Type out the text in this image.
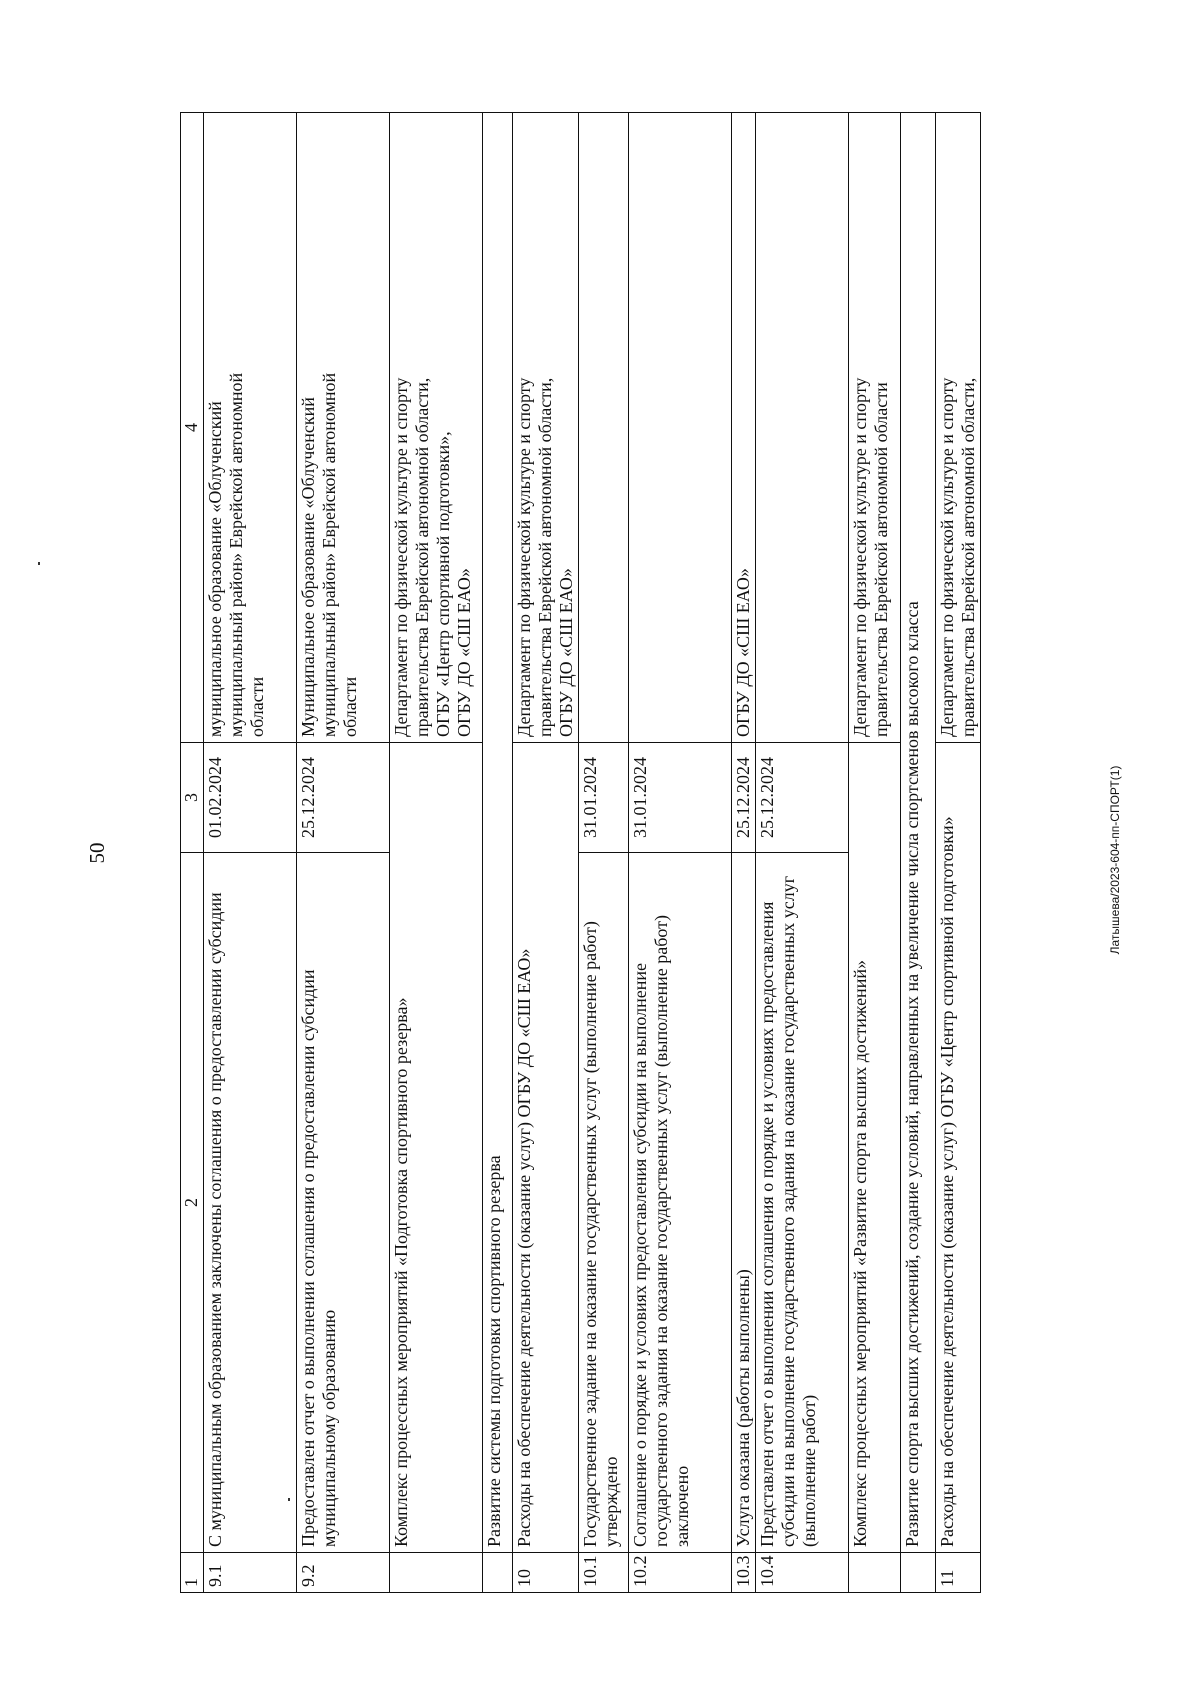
50
1	2	3	4
9.1	С муниципальным образованием заключены соглашения о предоставлении субсидии	01.02.2024	муниципальное образование «Облученский муниципальный район» Еврейской автономной области

9.2	Предоставлен отчет о выполнении соглашения о предоставлении субсидии муниципальному образованию	25.12.2024	Муниципальное образование «Облученский муниципальный район» Еврейской автономной области

	Комплекс процессных мероприятий «Подготовка спортивного резерва»		Департамент по физической культуре и спорту правительства Еврейской автономной области, ОГБУ «Центр спортивной подготовки», ОГБУ ДО «СШ ЕАО»

	Развитие системы подготовки спортивного резерва		
10	Расходы на обеспечение деятельности (оказание услуг) ОГБУ ДО «СШ ЕАО»		Департамент по физической культуре и спорту правительства Еврейской автономной области, ОГБУ ДО «СШ ЕАО»

10.1	Государственное задание на оказание государственных услуг (выполнение работ) утверждено	31.01.2024	
10.2	Соглашение о порядке и условиях предоставления субсидии на выполнение государственного задания на оказание государственных услуг (выполнение работ) заключено	31.01.2024	
10.3	Услуга оказана (работы выполнены)	25.12.2024	ОГБУ ДО «СШ ЕАО»

10.4	Представлен отчет о выполнении соглашения о порядке и условиях предоставления субсидии на выполнение государственного задания на оказание государственных услуг (выполнение работ)	25.12.2024	
	Комплекс процессных мероприятий «Развитие спорта высших достижений»		Департамент по физической культуре и спорту правительства Еврейской автономной области

	Развитие спорта высших достижений, создание условий, направленных на увеличение числа спортсменов высокого класса		
11	Расходы на обеспечение деятельности (оказание услуг) ОГБУ «Центр спортивной подготовки»		Департамент по физической культуре и спорту правительства Еврейской автономной области,
Латышева/2023-604-пп-СПОРТ(1)
